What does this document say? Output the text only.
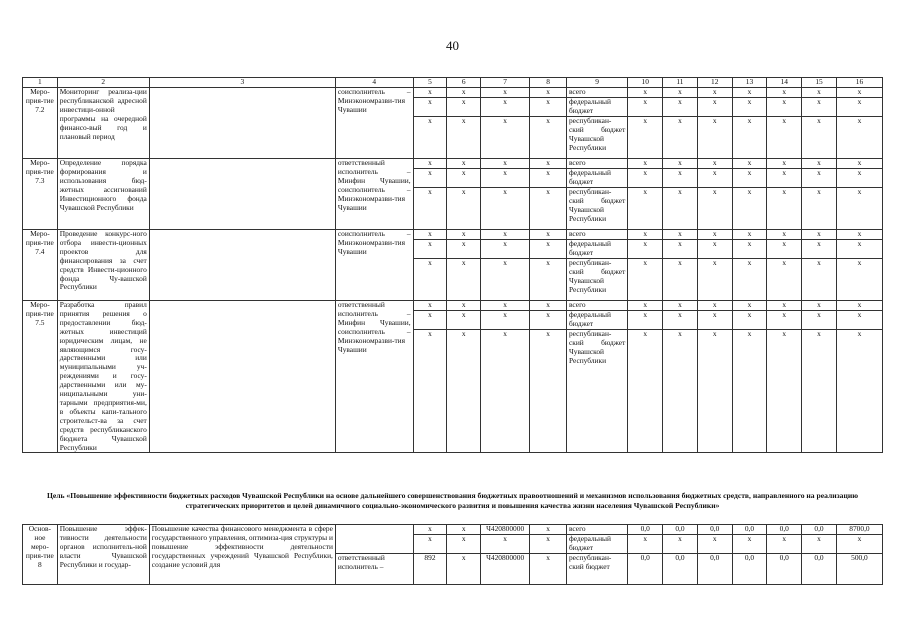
40
1	2	3	4	5	6	7	8	9	10	11	12	13	14	15	16
Меро-прия-тие 7.2	Мониторинг реализа-ции республиканской адресной инвестици-онной программы на очередной финансо-вый год и плановый период		соисполнитель – Минэкономразви-тия Чувашии	x	x	x	x	всего	x	x	x	x	x	x	x
				x	x	x	x	федеральный бюджет	x	x	x	x	x	x	x
				x	x	x	x	республикан-ский бюджет Чувашской Республики	x	x	x	x	x	x	x
Меро-прия-тие 7.3	Определение порядка формирования и использования бюд-жетных ассигнований Инвестиционного фонда Чувашской Республики		ответственный исполнитель – Минфин Чувашии, соисполнитель – Минэкономразви-тия Чувашии	x	x	x	x	всего	x	x	x	x	x	x	x
				x	x	x	x	федеральный бюджет	x	x	x	x	x	x	x
				x	x	x	x	республикан-ский бюджет Чувашской Республики	x	x	x	x	x	x	x
Меро-прия-тие 7.4	Проведение конкурс-ного отбора инвести-ционных проектов для финансирования за счет средств Инвести-ционного фонда Чу-вашской Республики		соисполнитель – Минэкономразви-тия Чувашии	x	x	x	x	всего	x	x	x	x	x	x	x
				x	x	x	x	федеральный бюджет	x	x	x	x	x	x	x
				x	x	x	x	республикан-ский бюджет Чувашской Республики	x	x	x	x	x	x	x
Меро-прия-тие 7.5	Разработка правил принятия решения о предоставлении бюд-жетных инвестиций юридическим лицам, не являющимся госу-дарственными или муниципальными уч-реждениями и госу-дарственными или му-ниципальными уни-тарными предприятия-ми, в объекты капи-тального строительст-ва за счет средств республиканского бюджета Чувашской Республики		ответственный исполнитель – Минфин Чувашии, соисполнитель – Минэкономразви-тия Чувашии	x	x	x	x	всего	x	x	x	x	x	x	x
				x	x	x	x	федеральный бюджет	x	x	x	x	x	x	x
				x	x	x	x	республикан-ский бюджет Чувашской Республики	x	x	x	x	x	x	x
Цель «Повышение эффективности бюджетных расходов Чувашской Республики на основе дальнейшего совершенствования бюджетных правоотношений и механизмов использования бюджетных средств, направленного на реализацию стратегических приоритетов и целей динамичного социально-экономического развития и повышения качества жизни населения Чувашской Республики»
Основ-ное меро-прия-тие 8	Повышение эффек-тивности деятельности органов исполнитель-ной власти Чувашской Республики и государ-	Повышение качества финансового менеджмента в сфере государственного управления, оптимиза-ция структуры и повышение эффективности деятельности государственных учреждений Чувашской Республики, создание условий для		x	x	Ч420800000	x	всего	0,0	0,0	0,0	0,0	0,0	0,0	8700,0
				x	x	x	x	федеральный бюджет	x	x	x	x	x	x	x
			ответственный исполнитель –	892	x	Ч420800000	x	республикан-ский бюджет	0,0	0,0	0,0	0,0	0,0	0,0	500,0
